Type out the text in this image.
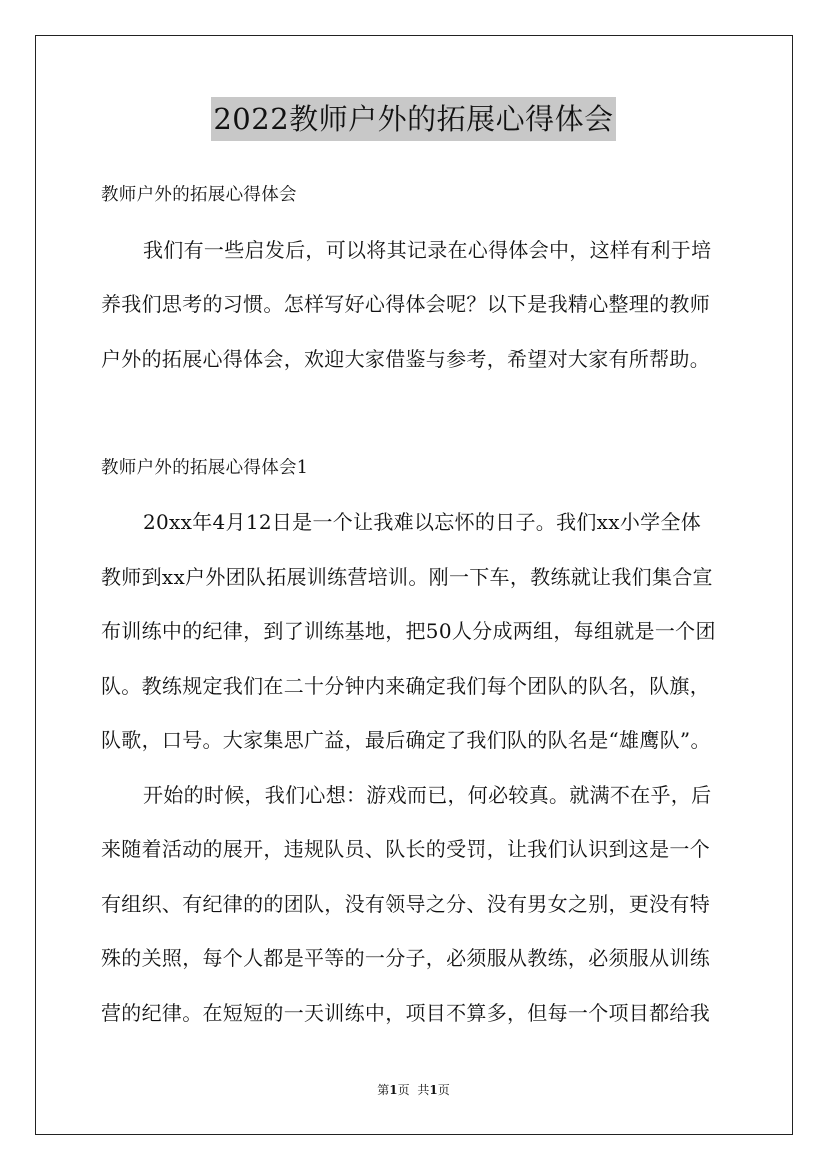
2022教师户外的拓展心得体会
教师户外的拓展心得体会
我们有一些启发后，可以将其记录在心得体会中，这样有利于培
养我们思考的习惯。怎样写好心得体会呢？以下是我精心整理的教师
户外的拓展心得体会，欢迎大家借鉴与参考，希望对大家有所帮助。
教师户外的拓展心得体会1
20xx年4月12日是一个让我难以忘怀的日子。我们xx小学全体
教师到xx户外团队拓展训练营培训。刚一下车，教练就让我们集合宣
布训练中的纪律，到了训练基地，把50人分成两组，每组就是一个团
队。教练规定我们在二十分钟内来确定我们每个团队的队名，队旗，
队歌，口号。大家集思广益，最后确定了我们队的队名是“雄鹰队”。
开始的时候，我们心想：游戏而已，何必较真。就满不在乎，后
来随着活动的展开，违规队员、队长的受罚，让我们认识到这是一个
有组织、有纪律的的团队，没有领导之分、没有男女之别，更没有特
殊的关照，每个人都是平等的一分子，必须服从教练，必须服从训练
营的纪律。在短短的一天训练中，项目不算多，但每一个项目都给我
第1页 共1页
